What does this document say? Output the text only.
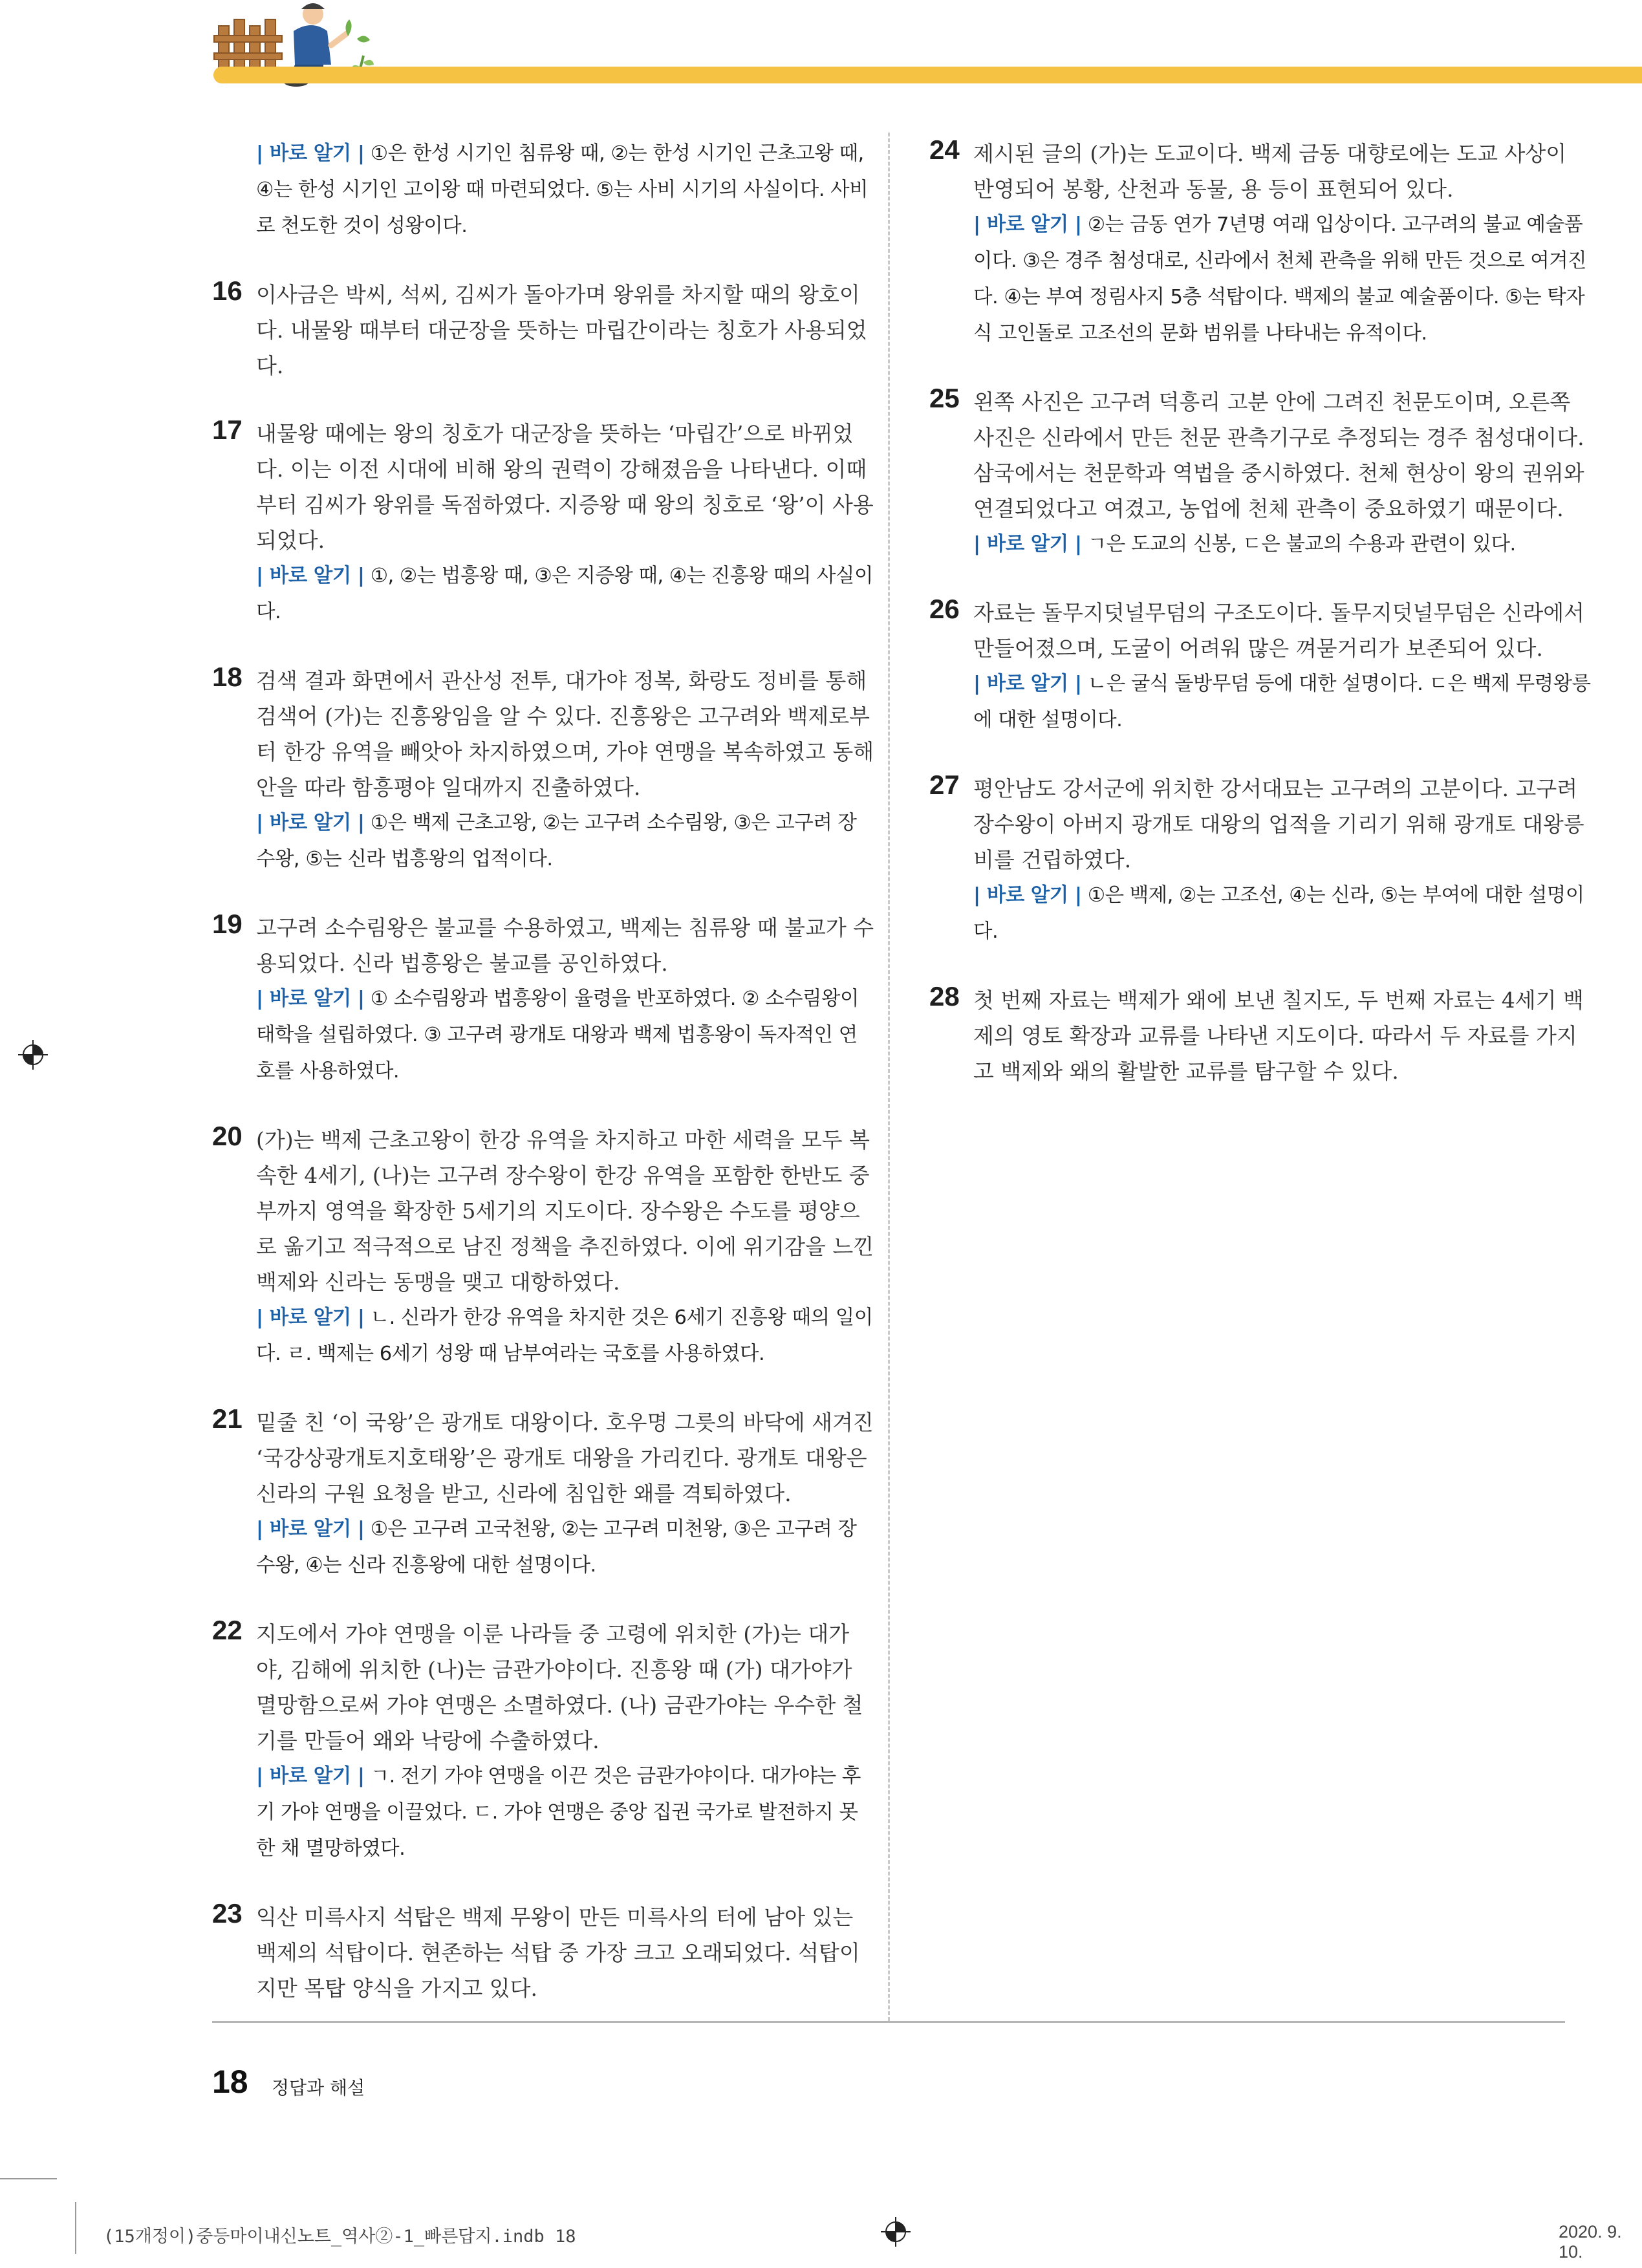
| 바로 알기 | ①은 한성 시기인 침류왕 때, ②는 한성 시기인 근초고왕 때, ④는 한성 시기인 고이왕 때 마련되었다. ⑤는 사비 시기의 사실이다. 사비로 천도한 것이 성왕이다.
16 이사금은 박씨, 석씨, 김씨가 돌아가며 왕위를 차지할 때의 왕호이다. 내물왕 때부터 대군장을 뜻하는 마립간이라는 칭호가 사용되었다.
17 내물왕 때에는 왕의 칭호가 대군장을 뜻하는 ‘마립간’으로 바뀌었다. 이는 이전 시대에 비해 왕의 권력이 강해졌음을 나타낸다. 이때부터 김씨가 왕위를 독점하였다. 지증왕 때 왕의 칭호로 ‘왕’이 사용되었다.
| 바로 알기 | ①, ②는 법흥왕 때, ③은 지증왕 때, ④는 진흥왕 때의 사실이다.
18 검색 결과 화면에서 관산성 전투, 대가야 정복, 화랑도 정비를 통해 검색어 (가)는 진흥왕임을 알 수 있다. 진흥왕은 고구려와 백제로부터 한강 유역을 빼앗아 차지하였으며, 가야 연맹을 복속하였고 동해안을 따라 함흥평야 일대까지 진출하였다.
| 바로 알기 | ①은 백제 근초고왕, ②는 고구려 소수림왕, ③은 고구려 장수왕, ⑤는 신라 법흥왕의 업적이다.
19 고구려 소수림왕은 불교를 수용하였고, 백제는 침류왕 때 불교가 수용되었다. 신라 법흥왕은 불교를 공인하였다.
| 바로 알기 | ① 소수림왕과 법흥왕이 율령을 반포하였다. ② 소수림왕이 태학을 설립하였다. ③ 고구려 광개토 대왕과 백제 법흥왕이 독자적인 연호를 사용하였다.
20 (가)는 백제 근초고왕이 한강 유역을 차지하고 마한 세력을 모두 복속한 4세기, (나)는 고구려 장수왕이 한강 유역을 포함한 한반도 중부까지 영역을 확장한 5세기의 지도이다. 장수왕은 수도를 평양으로 옮기고 적극적으로 남진 정책을 추진하였다. 이에 위기감을 느낀 백제와 신라는 동맹을 맺고 대항하였다.
| 바로 알기 | ㄴ. 신라가 한강 유역을 차지한 것은 6세기 진흥왕 때의 일이다. ㄹ. 백제는 6세기 성왕 때 남부여라는 국호를 사용하였다.
21 밑줄 친 ‘이 국왕’은 광개토 대왕이다. 호우명 그릇의 바닥에 새겨진 ‘국강상광개토지호태왕’은 광개토 대왕을 가리킨다. 광개토 대왕은 신라의 구원 요청을 받고, 신라에 침입한 왜를 격퇴하였다.
| 바로 알기 | ①은 고구려 고국천왕, ②는 고구려 미천왕, ③은 고구려 장수왕, ④는 신라 진흥왕에 대한 설명이다.
22 지도에서 가야 연맹을 이룬 나라들 중 고령에 위치한 (가)는 대가야, 김해에 위치한 (나)는 금관가야이다. 진흥왕 때 (가) 대가야가 멸망함으로써 가야 연맹은 소멸하였다. (나) 금관가야는 우수한 철기를 만들어 왜와 낙랑에 수출하였다.
| 바로 알기 | ㄱ. 전기 가야 연맹을 이끈 것은 금관가야이다. 대가야는 후기 가야 연맹을 이끌었다. ㄷ. 가야 연맹은 중앙 집권 국가로 발전하지 못한 채 멸망하였다.
23 익산 미륵사지 석탑은 백제 무왕이 만든 미륵사의 터에 남아 있는 백제의 석탑이다. 현존하는 석탑 중 가장 크고 오래되었다. 석탑이지만 목탑 양식을 가지고 있다.
24 제시된 글의 (가)는 도교이다. 백제 금동 대향로에는 도교 사상이 반영되어 봉황, 산천과 동물, 용 등이 표현되어 있다.
| 바로 알기 | ②는 금동 연가 7년명 여래 입상이다. 고구려의 불교 예술품이다. ③은 경주 첨성대로, 신라에서 천체 관측을 위해 만든 것으로 여겨진다. ④는 부여 정림사지 5층 석탑이다. 백제의 불교 예술품이다. ⑤는 탁자식 고인돌로 고조선의 문화 범위를 나타내는 유적이다.
25 왼쪽 사진은 고구려 덕흥리 고분 안에 그려진 천문도이며, 오른쪽 사진은 신라에서 만든 천문 관측기구로 추정되는 경주 첨성대이다. 삼국에서는 천문학과 역법을 중시하였다. 천체 현상이 왕의 권위와 연결되었다고 여겼고, 농업에 천체 관측이 중요하였기 때문이다.
| 바로 알기 | ㄱ은 도교의 신봉, ㄷ은 불교의 수용과 관련이 있다.
26 자료는 돌무지덧널무덤의 구조도이다. 돌무지덧널무덤은 신라에서 만들어졌으며, 도굴이 어려워 많은 껴묻거리가 보존되어 있다.
| 바로 알기 | ㄴ은 굴식 돌방무덤 등에 대한 설명이다. ㄷ은 백제 무령왕릉에 대한 설명이다.
27 평안남도 강서군에 위치한 강서대묘는 고구려의 고분이다. 고구려 장수왕이 아버지 광개토 대왕의 업적을 기리기 위해 광개토 대왕릉비를 건립하였다.
| 바로 알기 | ①은 백제, ②는 고조선, ④는 신라, ⑤는 부여에 대한 설명이다.
28 첫 번째 자료는 백제가 왜에 보낸 칠지도, 두 번째 자료는 4세기 백제의 영토 확장과 교류를 나타낸 지도이다. 따라서 두 자료를 가지고 백제와 왜의 활발한 교류를 탐구할 수 있다.
18 정답과 해설
(15개정이)중등마이내신노트_역사②-1_빠른답지.indb 18	2020. 9. 10.
